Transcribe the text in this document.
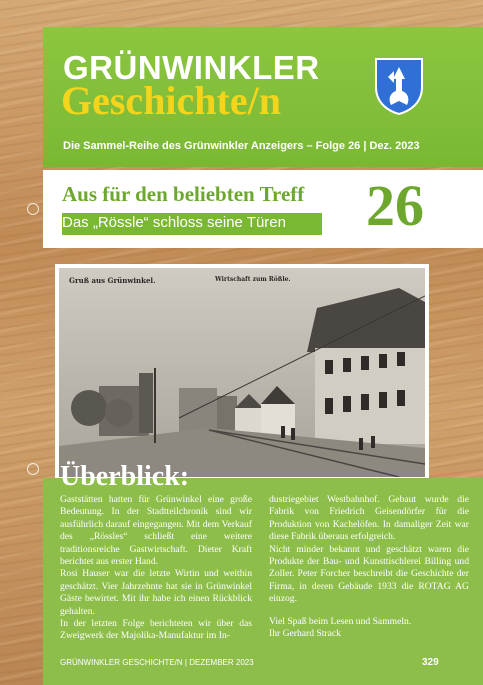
GRÜNWINKLER
Geschichte/n
Die Sammel-Reihe des Grünwinkler Anzeigers – Folge 26 | Dez. 2023
Aus für den beliebten Treff
Das „Rössle“ schloss seine Türen 26
Gruß aus Grünwinkel.	Wirtschaft zum Rößle.
Überblick:

Gaststätten hatten für Grünwinkel eine große Bedeutung. In der Stadtteilchronik sind wir ausführlich darauf eingegangen. Mit dem Verkauf des „Rössles“ schließt eine weitere traditionsreiche Gastwirtschaft. Dieter Kraft berichtet aus erster Hand.

Rosi Hauser war die letzte Wirtin und weithin geschätzt. Vier Jahrzehnte hat sie in Grünwinkel Gäste bewirtet. Mit ihr habe ich einen Rückblick gehalten.

In der letzten Folge berichteten wir über das Zweigwerk der Majolika-Manufaktur im In-

dustriegebiet Westbahnhof. Gebaut wurde die Fabrik von Friedrich Geisendörfer für die Produktion von Kachelöfen. In damaliger Zeit war diese Fabrik überaus erfolgreich.

Nicht minder bekannt und geschätzt waren die Produkte der Bau- und Kunsttischlerei Billing und Zoller. Peter Forcher beschreibt die Geschichte der Firma, in deren Gebäude 1933 die ROTAG AG einzog.

Viel Spaß beim Lesen und Sammeln.

Ihr Gerhard Strack

GRÜNWINKLER GESCHICHTE/N | DEZEMBER 2023	329
